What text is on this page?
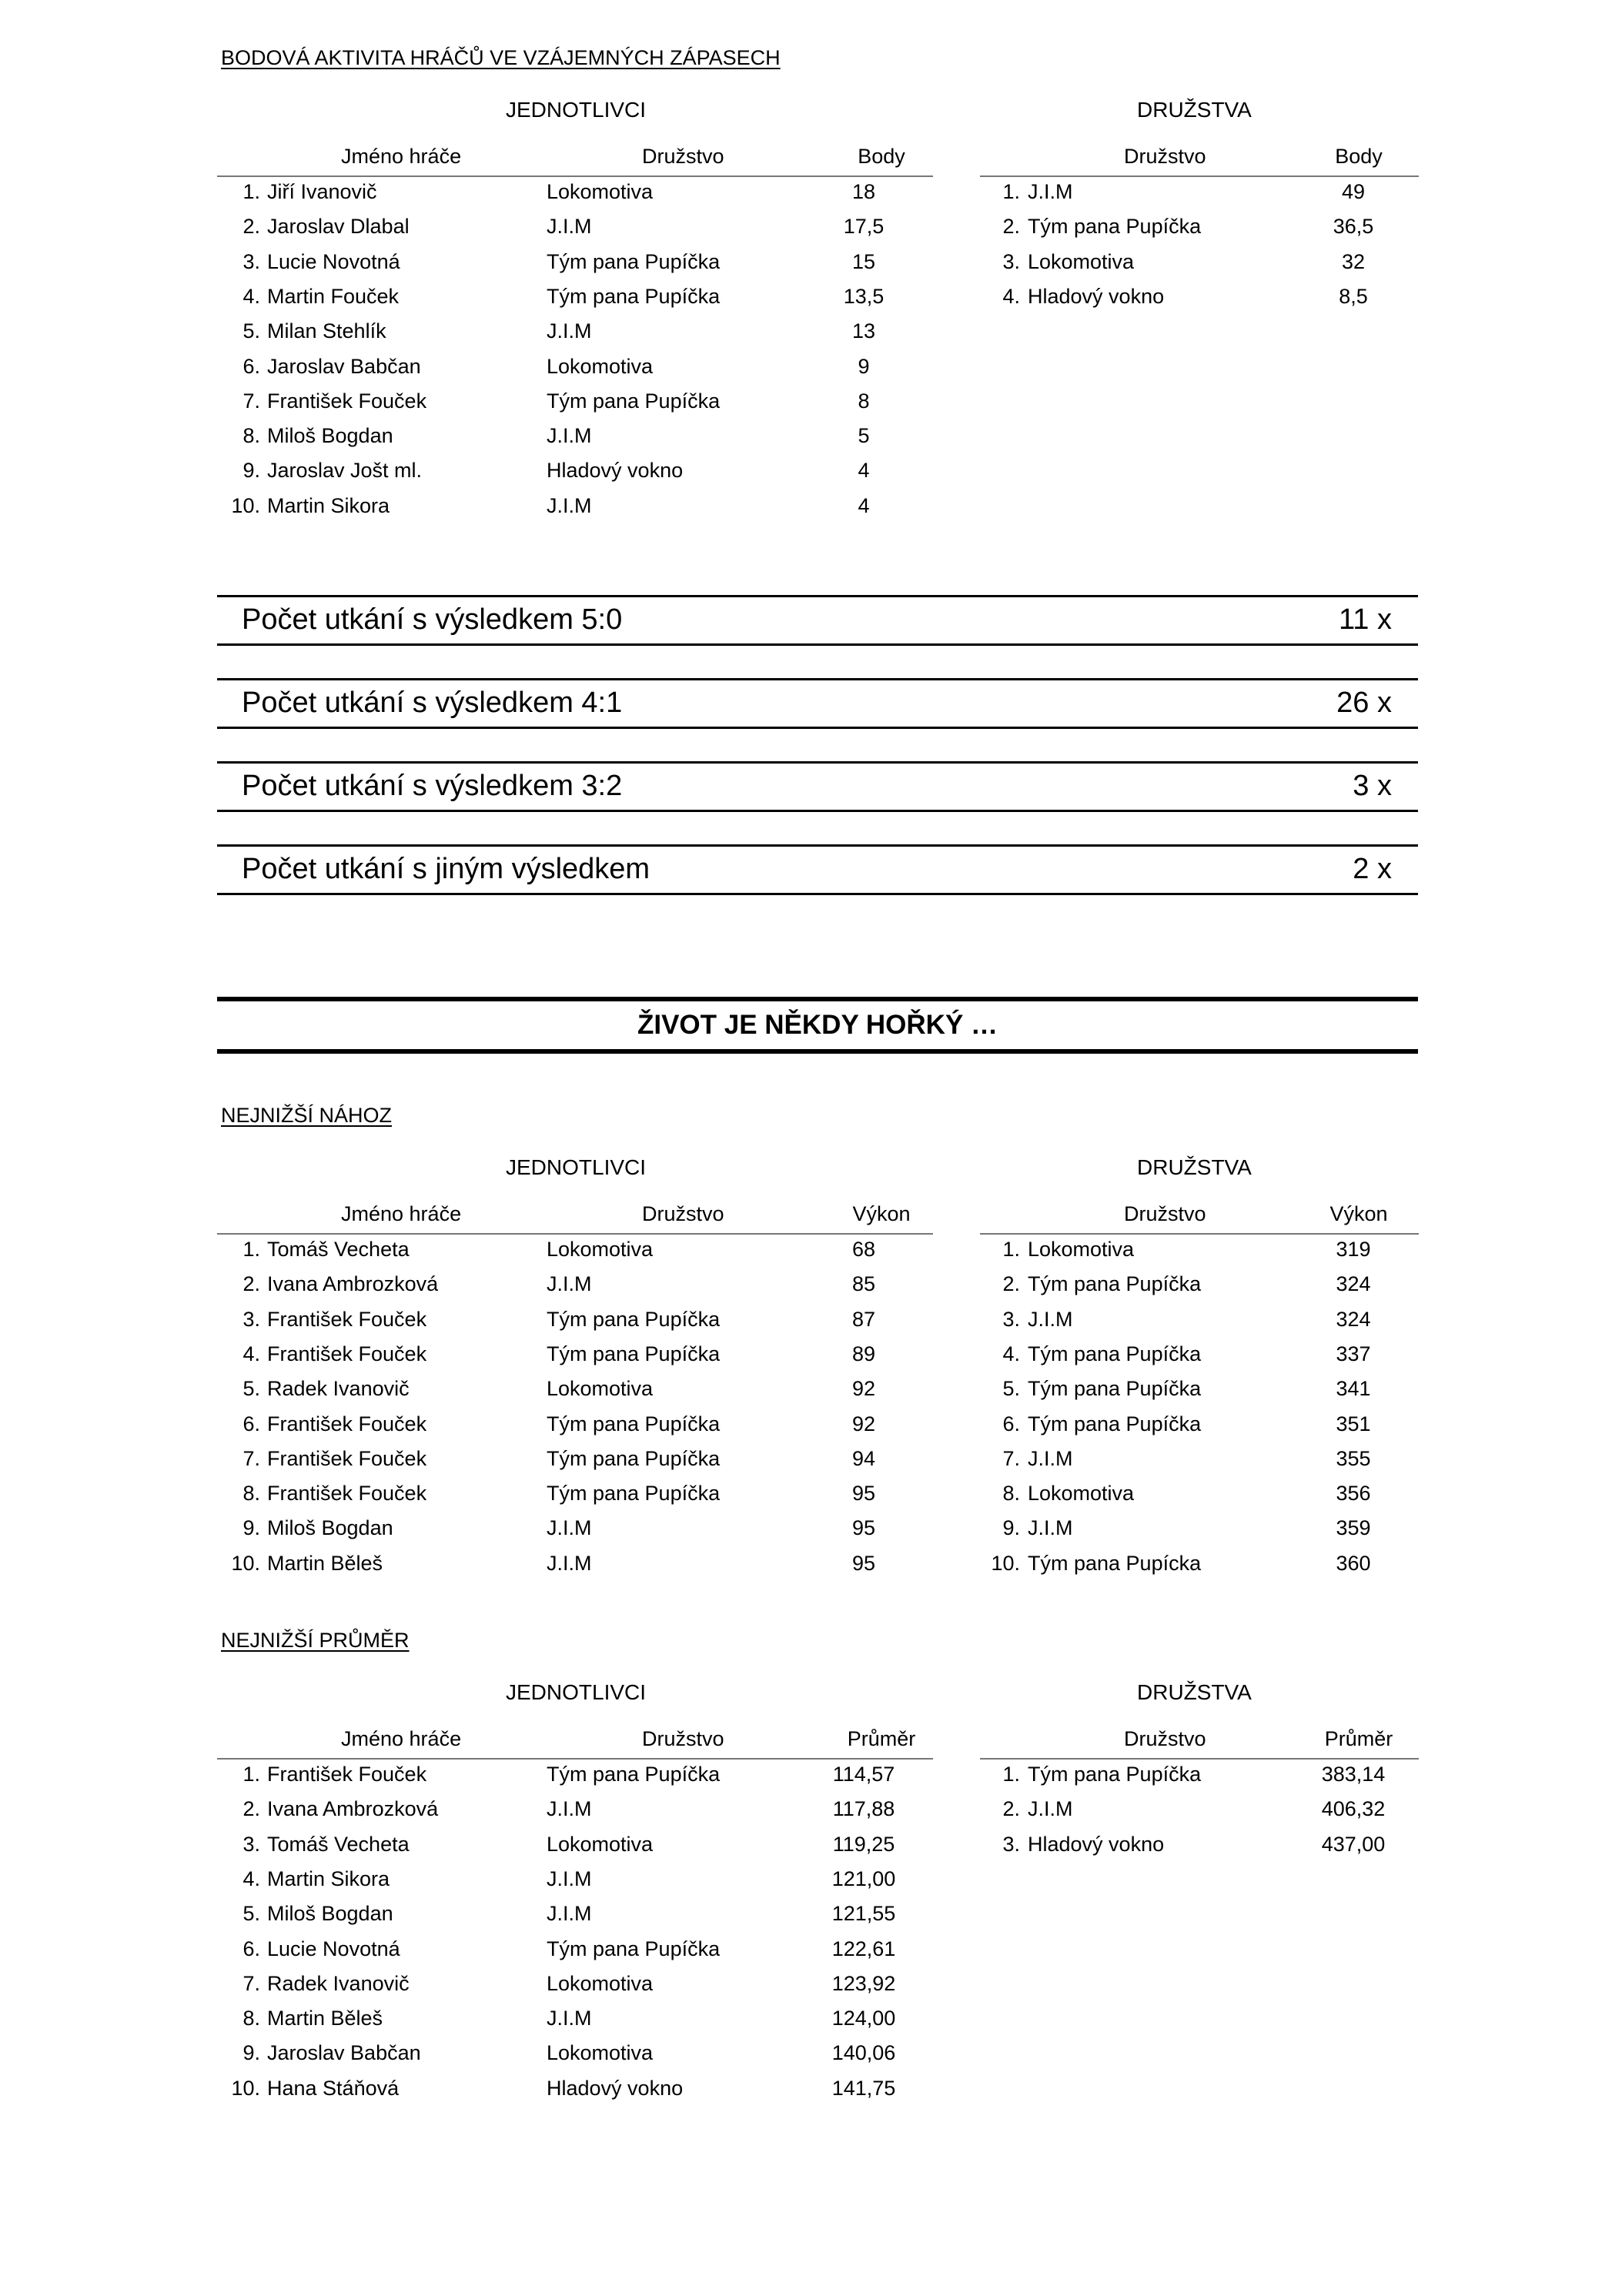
BODOVÁ AKTIVITA HRÁČŮ VE VZÁJEMNÝCH ZÁPASECH
JEDNOTLIVCI	DRUŽSTVA
Jméno hráče	Družstvo	Body
1. Jiří Ivanovič	Lokomotiva	18
2. Jaroslav Dlabal	J.I.M	17,5
3. Lucie Novotná	Tým pana Pupíčka	15
4. Martin Fouček	Tým pana Pupíčka	13,5
5. Milan Stehlík	J.I.M	13
6. Jaroslav Babčan	Lokomotiva	9
7. František Fouček	Tým pana Pupíčka	8
8. Miloš Bogdan	J.I.M	5
9. Jaroslav Jošt ml.	Hladový vokno	4
10. Martin Sikora	J.I.M	4
Družstvo	Body
1. J.I.M	49
2. Tým pana Pupíčka	36,5
3. Lokomotiva	32
4. Hladový vokno	8,5
Počet utkání s výsledkem 5:0	11 x
Počet utkání s výsledkem 4:1	26 x
Počet utkání s výsledkem 3:2	3 x
Počet utkání s jiným výsledkem	2 x
ŽIVOT JE NĚKDY HOŘKÝ …
NEJNIŽŠÍ NÁHOZ
JEDNOTLIVCI	DRUŽSTVA
Jméno hráče	Družstvo	Výkon
1. Tomáš Vecheta	Lokomotiva	68
2. Ivana Ambrozková	J.I.M	85
3. František Fouček	Tým pana Pupíčka	87
4. František Fouček	Tým pana Pupíčka	89
5. Radek Ivanovič	Lokomotiva	92
6. František Fouček	Tým pana Pupíčka	92
7. František Fouček	Tým pana Pupíčka	94
8. František Fouček	Tým pana Pupíčka	95
9. Miloš Bogdan	J.I.M	95
10. Martin Běleš	J.I.M	95
Družstvo	Výkon
1. Lokomotiva	319
2. Tým pana Pupíčka	324
3. J.I.M	324
4. Tým pana Pupíčka	337
5. Tým pana Pupíčka	341
6. Tým pana Pupíčka	351
7. J.I.M	355
8. Lokomotiva	356
9. J.I.M	359
10. Tým pana Pupícka	360
NEJNIŽŠÍ PRŮMĚR
JEDNOTLIVCI	DRUŽSTVA
Jméno hráče	Družstvo	Průměr
1. František Fouček	Tým pana Pupíčka	114,57
2. Ivana Ambrozková	J.I.M	117,88
3. Tomáš Vecheta	Lokomotiva	119,25
4. Martin Sikora	J.I.M	121,00
5. Miloš Bogdan	J.I.M	121,55
6. Lucie Novotná	Tým pana Pupíčka	122,61
7. Radek Ivanovič	Lokomotiva	123,92
8. Martin Běleš	J.I.M	124,00
9. Jaroslav Babčan	Lokomotiva	140,06
10. Hana Stáňová	Hladový vokno	141,75
Družstvo	Průměr
1. Tým pana Pupíčka	383,14
2. J.I.M	406,32
3. Hladový vokno	437,00
